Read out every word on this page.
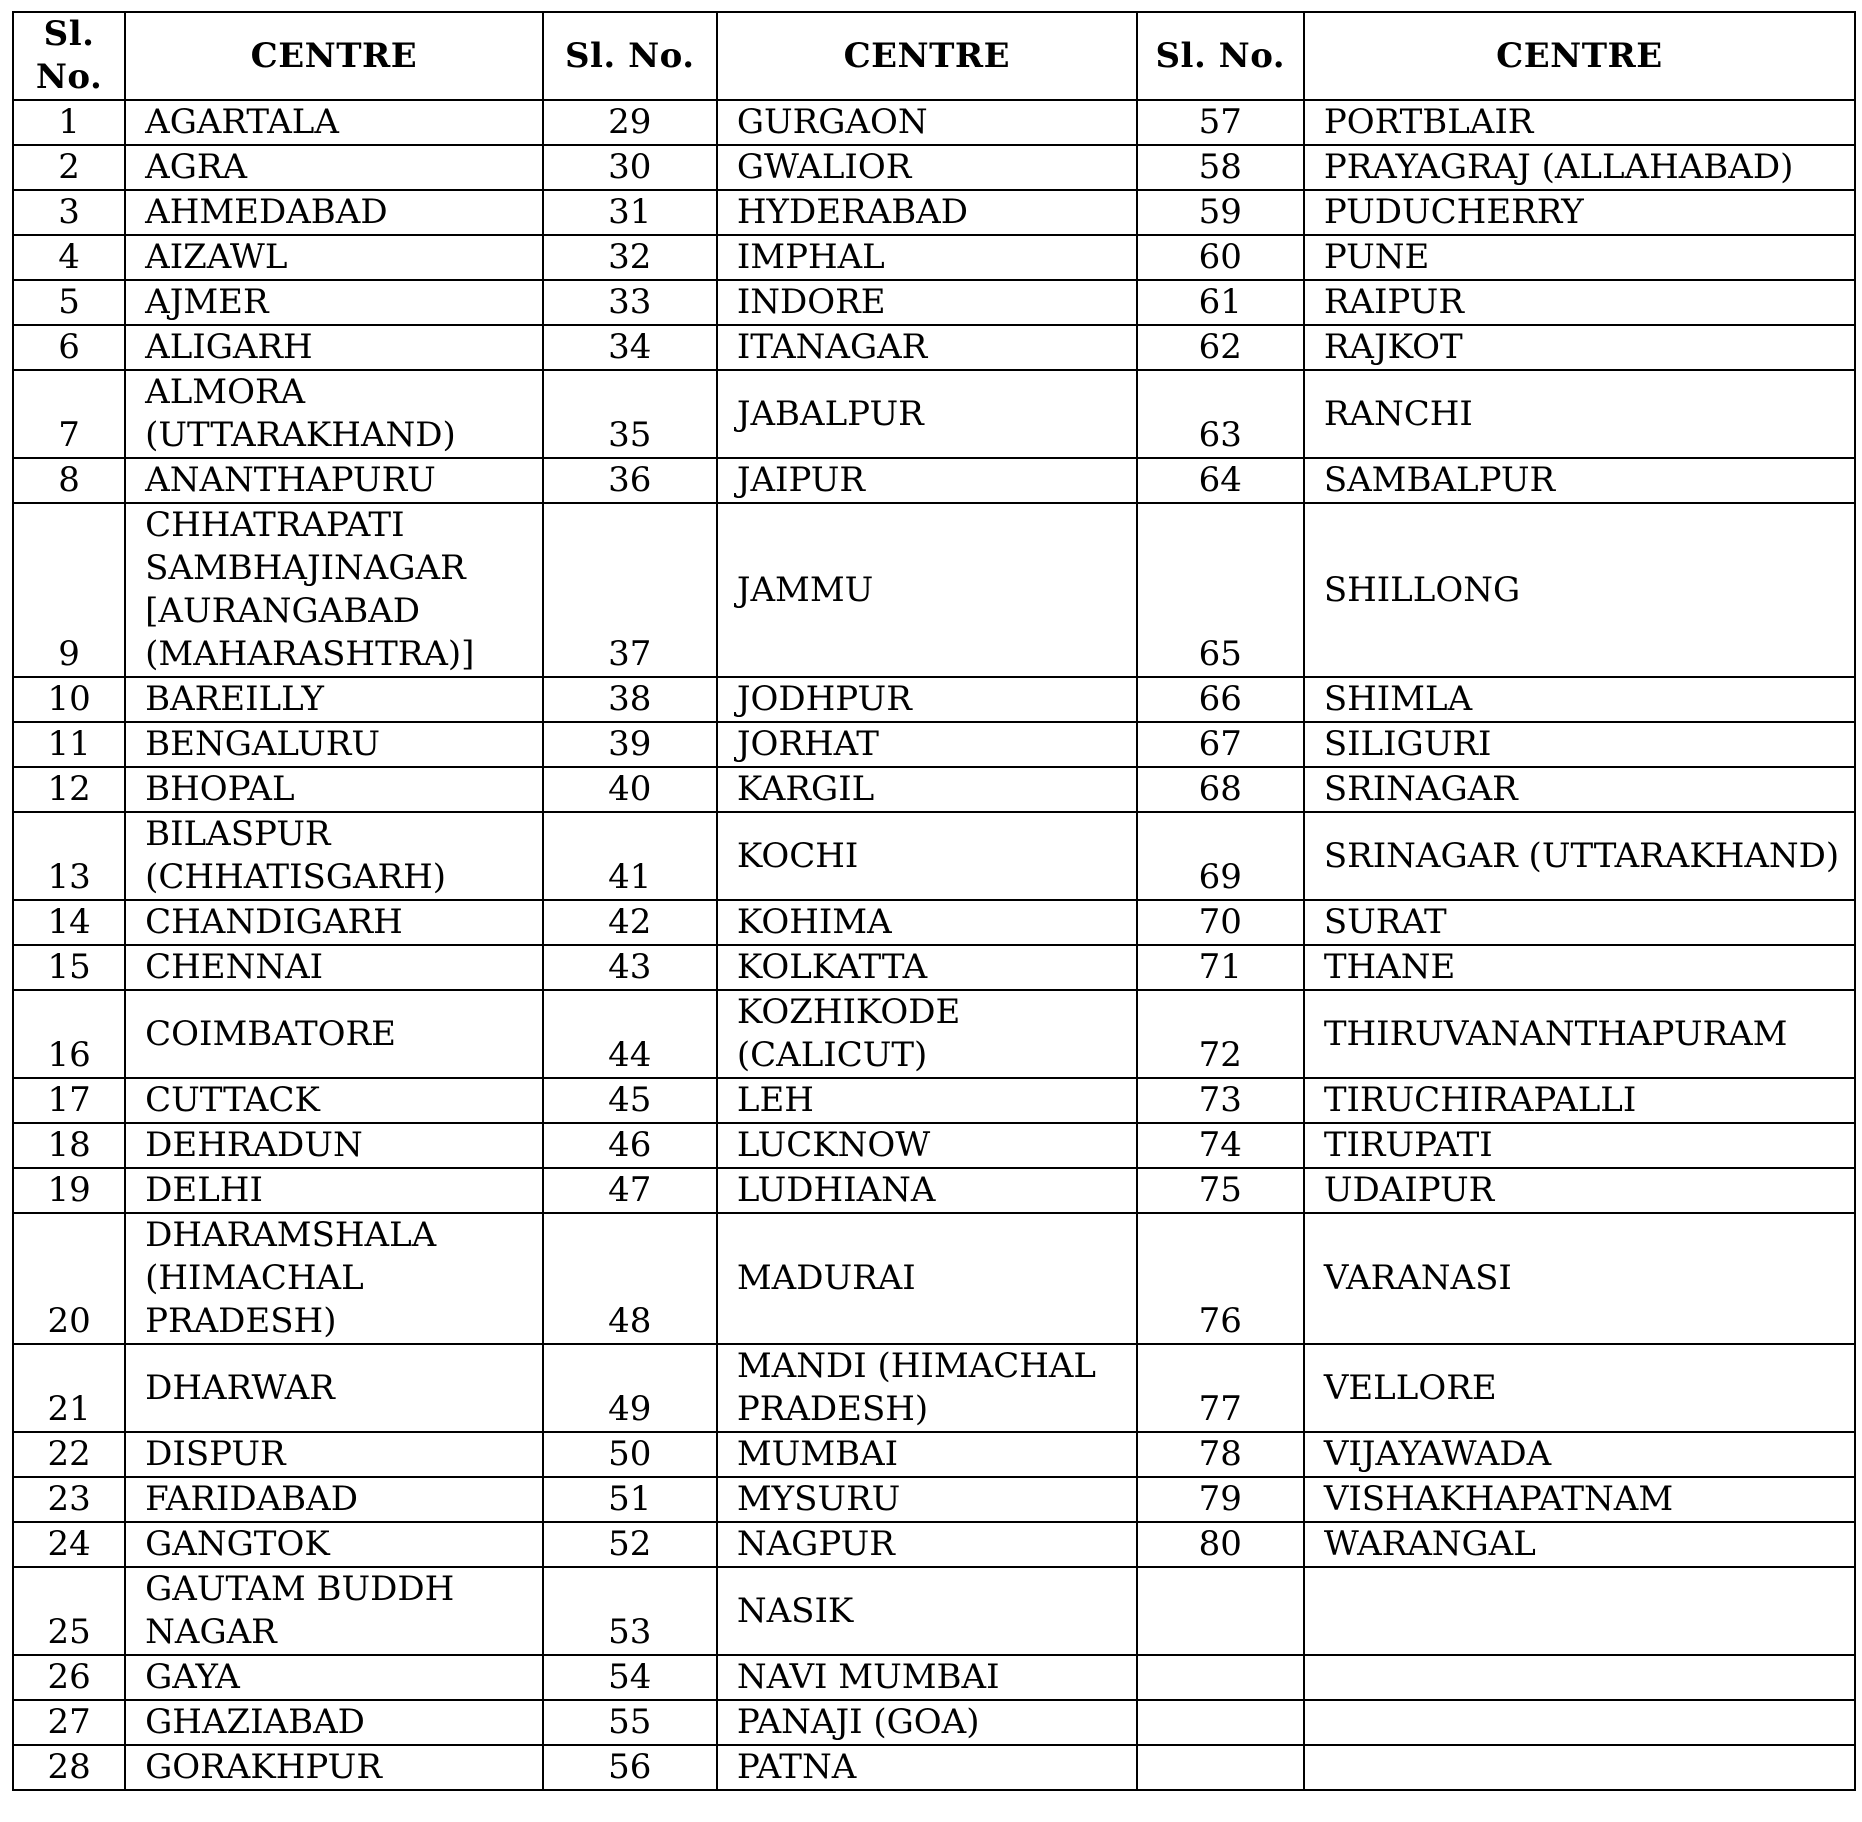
Sl. No.	CENTRE	Sl. No.	CENTRE	Sl. No.	CENTRE
1	AGARTALA	29	GURGAON	57	PORTBLAIR
2	AGRA	30	GWALIOR	58	PRAYAGRAJ (ALLAHABAD)
3	AHMEDABAD	31	HYDERABAD	59	PUDUCHERRY
4	AIZAWL	32	IMPHAL	60	PUNE
5	AJMER	33	INDORE	61	RAIPUR
6	ALIGARH	34	ITANAGAR	62	RAJKOT
7	ALMORA (UTTARAKHAND)	35	JABALPUR	63	RANCHI
8	ANANTHAPURU	36	JAIPUR	64	SAMBALPUR
9	CHHATRAPATI SAMBHAJINAGAR [AURANGABAD (MAHARASHTRA)]	37	JAMMU	65	SHILLONG
10	BAREILLY	38	JODHPUR	66	SHIMLA
11	BENGALURU	39	JORHAT	67	SILIGURI
12	BHOPAL	40	KARGIL	68	SRINAGAR
13	BILASPUR (CHHATISGARH)	41	KOCHI	69	SRINAGAR (UTTARAKHAND)
14	CHANDIGARH	42	KOHIMA	70	SURAT
15	CHENNAI	43	KOLKATTA	71	THANE
16	COIMBATORE	44	KOZHIKODE (CALICUT)	72	THIRUVANANTHAPURAM
17	CUTTACK	45	LEH	73	TIRUCHIRAPALLI
18	DEHRADUN	46	LUCKNOW	74	TIRUPATI
19	DELHI	47	LUDHIANA	75	UDAIPUR
20	DHARAMSHALA (HIMACHAL PRADESH)	48	MADURAI	76	VARANASI
21	DHARWAR	49	MANDI (HIMACHAL PRADESH)	77	VELLORE
22	DISPUR	50	MUMBAI	78	VIJAYAWADA
23	FARIDABAD	51	MYSURU	79	VISHAKHAPATNAM
24	GANGTOK	52	NAGPUR	80	WARANGAL
25	GAUTAM BUDDH NAGAR	53	NASIK		
26	GAYA	54	NAVI MUMBAI		
27	GHAZIABAD	55	PANAJI (GOA)		
28	GORAKHPUR	56	PATNA		
